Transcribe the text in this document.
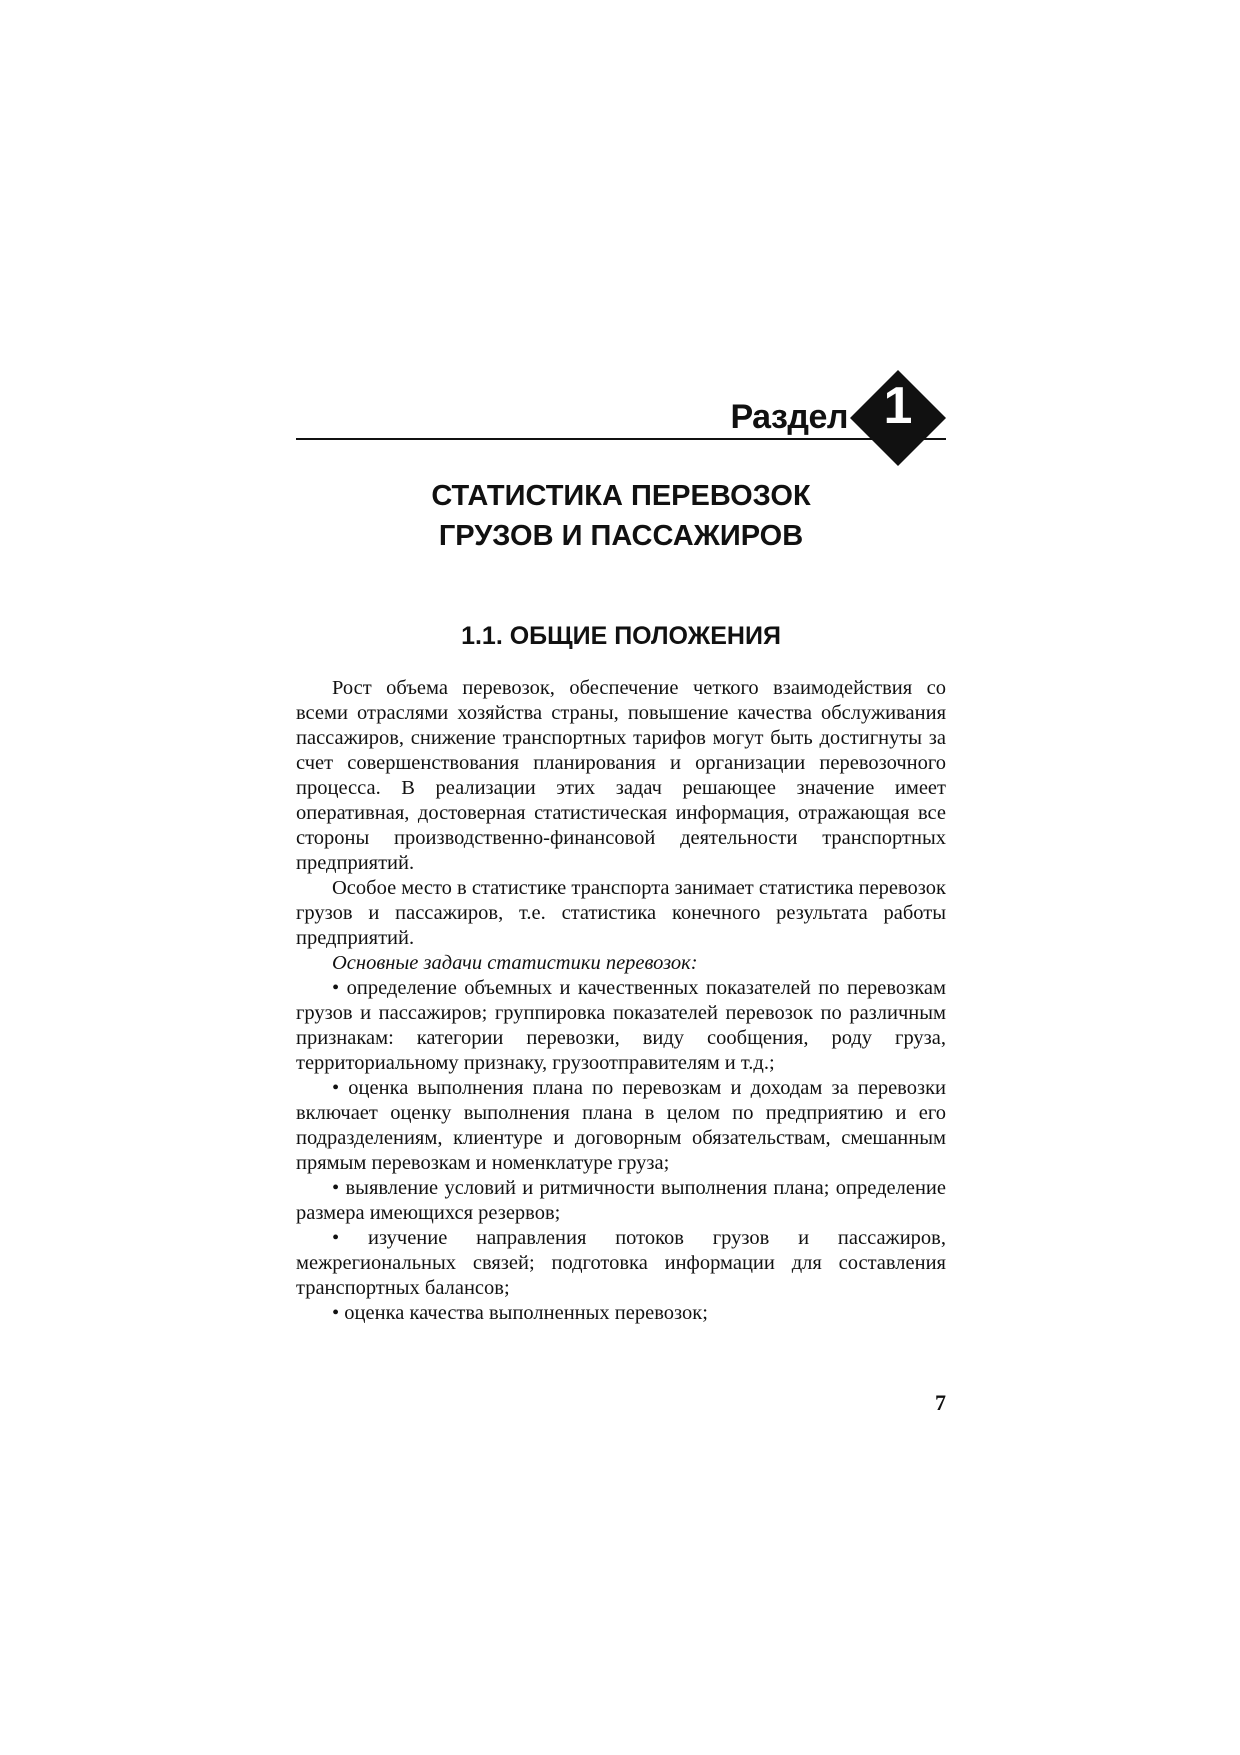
Раздел 1
СТАТИСТИКА ПЕРЕВОЗОК
ГРУЗОВ И ПАССАЖИРОВ
1.1. ОБЩИЕ ПОЛОЖЕНИЯ

Рост объема перевозок, обеспечение четкого взаимодействия со всеми отраслями хозяйства страны, повышение качества обслуживания пассажиров, снижение транспортных тарифов могут быть достигнуты за счет совершенствования планирования и организации перевозочного процесса. В реализации этих задач решающее значение имеет оперативная, достоверная статистическая информация, отражающая все стороны производственно-финансовой деятельности транспортных предприятий.

Особое место в статистике транспорта занимает статистика перевозок грузов и пассажиров, т.е. статистика конечного результата работы предприятий.

Основные задачи статистики перевозок:

• определение объемных и качественных показателей по перевозкам грузов и пассажиров; группировка показателей перевозок по различным признакам: категории перевозки, виду сообщения, роду груза, территориальному признаку, грузоотправителям и т.д.;

• оценка выполнения плана по перевозкам и доходам за перевозки включает оценку выполнения плана в целом по предприятию и его подразделениям, клиентуре и договорным обязательствам, смешанным прямым перевозкам и номенклатуре груза;

• выявление условий и ритмичности выполнения плана; определение размера имеющихся резервов;

• изучение направления потоков грузов и пассажиров, межрегиональных связей; подготовка информации для составления транспортных балансов;

• оценка качества выполненных перевозок;

7
